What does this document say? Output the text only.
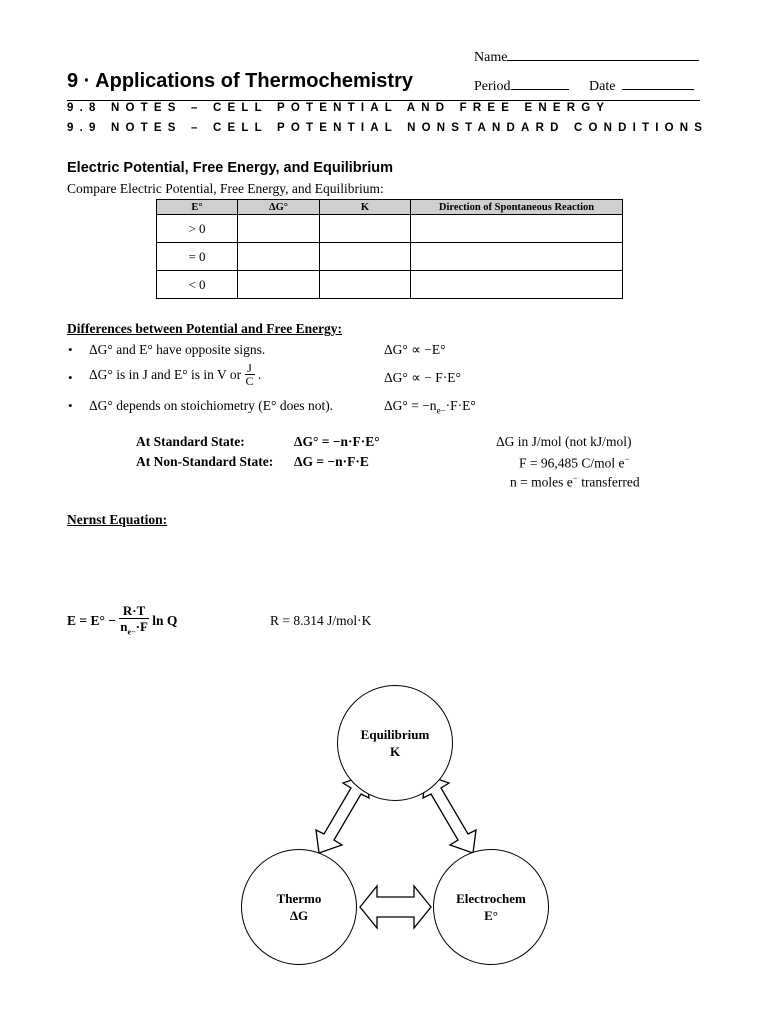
Name
9 · Applications of Thermochemistry	Period	Date
9.8 NOTES – CELL POTENTIAL AND FREE ENERGY
9.9 NOTES – CELL POTENTIAL NONSTANDARD CONDITIONS
Electric Potential, Free Energy, and Equilibrium
Compare Electric Potential, Free Energy, and Equilibrium:
E°	ΔG°	K	Direction of Spontaneous Reaction
> 0			
= 0			
< 0			
Differences between Potential and Free Energy:
• ΔG° and E° have opposite signs.	ΔG° ∝ −E°
• ΔG° is in J and E° is in V or
$\frac{J}{C}$
.	ΔG° ∝ − F·E°
• ΔG° depends on stoichiometry (E° does not).	$\Delta G^\circ = -n_{e-}\cdot F\cdot E^\circ$
At Standard State:	ΔG° = −n·F·E°
At Non-Standard State: ΔG = −n·F·E
ΔG in J/mol (not kJ/mol)
F = 96,485 C/mol e−
n = moles e− transferred
Nernst Equation:
E = E° −
$\frac{R\cdot T}{n_{e-}\cdot F}$
ln Q	R = 8.314 J/mol·K
Equilibrium
K
Thermo
ΔG
Electrochem
E°
